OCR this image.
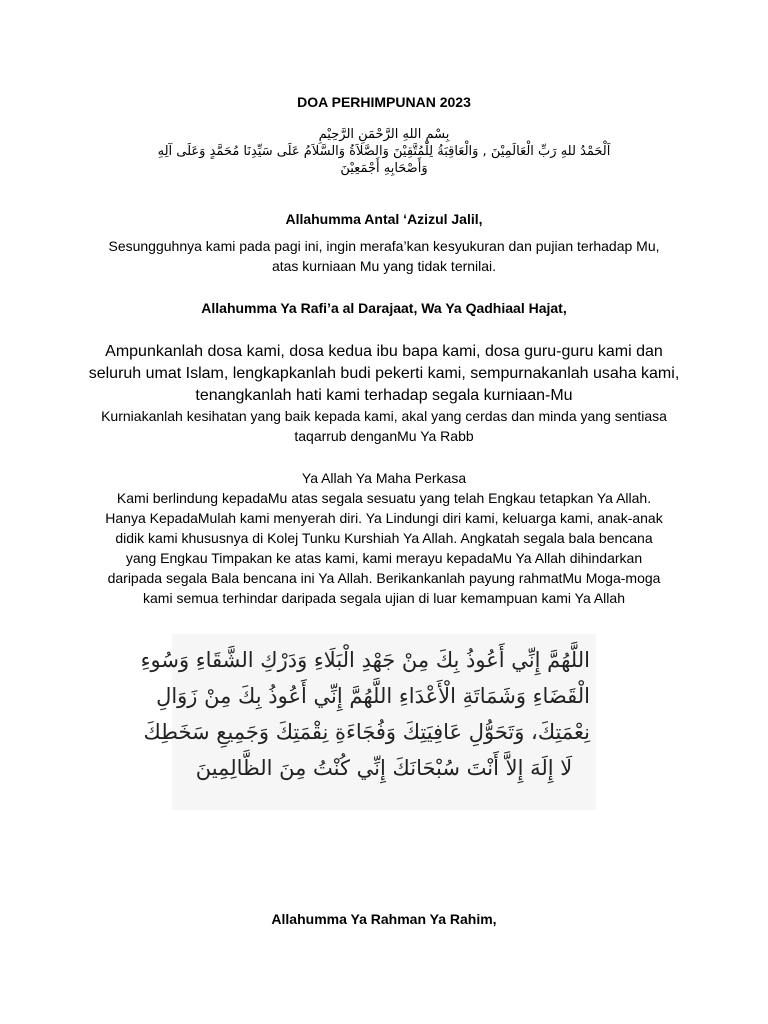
DOA PERHIMPUNAN 2023
بِسْمِ اللهِ الرَّحْمَنِ الرَّحِيْمِ
اَلْحَمْدُ للهِ رَبِّ الْعَالَمِيْنَ , وَالْعَاقِبَةُ لِلْمُتَّقِيْنَ وَالصَّلاَةُ وَالسَّلاَمُ عَلَى سَيِّدِنَا مُحَمَّدٍ وَعَلَى آلِهِ
وَأَصْحَابِهِ أَجْمَعِيْنَ
Allahumma Antal ‘Azizul Jalil,
Sesungguhnya kami pada pagi ini, ingin merafa’kan kesyukuran dan pujian terhadap Mu,
atas kurniaan Mu yang tidak ternilai.
Allahumma Ya Rafi’a al Darajaat, Wa Ya Qadhiaal Hajat,
Ampunkanlah dosa kami, dosa kedua ibu bapa kami, dosa guru-guru kami dan
seluruh umat Islam, lengkapkanlah budi pekerti kami, sempurnakanlah usaha kami,
tenangkanlah hati kami terhadap segala kurniaan-Mu
Kurniakanlah kesihatan yang baik kepada kami, akal yang cerdas dan minda yang sentiasa
taqarrub denganMu Ya Rabb
Ya Allah Ya Maha Perkasa
Kami berlindung kepadaMu atas segala sesuatu yang telah Engkau tetapkan Ya Allah.
Hanya KepadaMulah kami menyerah diri. Ya Lindungi diri kami, keluarga kami, anak-anak
didik kami khususnya di Kolej Tunku Kurshiah Ya Allah. Angkatah segala bala bencana
yang Engkau Timpakan ke atas kami, kami merayu kepadaMu Ya Allah dihindarkan
daripada segala Bala bencana ini Ya Allah. Berikankanlah payung rahmatMu Moga-moga
kami semua terhindar daripada segala ujian di luar kemampuan kami Ya Allah
اللَّهُمَّ إِنِّي أَعُوذُ بِكَ مِنْ جَهْدِ الْبَلَاءِ وَدَرْكِ الشَّقَاءِ وَسُوءِ
الْقَضَاءِ وَشَمَاتَةِ الْأَعْدَاءِ اللَّهُمَّ إِنِّي أَعُوذُ بِكَ مِنْ زَوَالِ
نِعْمَتِكَ، وَتَحَوُّلِ عَافِيَتِكَ وَفُجَاءَةِ نِقْمَتِكَ وَجَمِيعِ سَخَطِكَ
لَا إِلَهَ إِلاَّ أَنْتَ سُبْحَانَكَ إِنِّي كُنْتُ مِنَ الظَّالِمِينَ
Allahumma Ya Rahman Ya Rahim,
